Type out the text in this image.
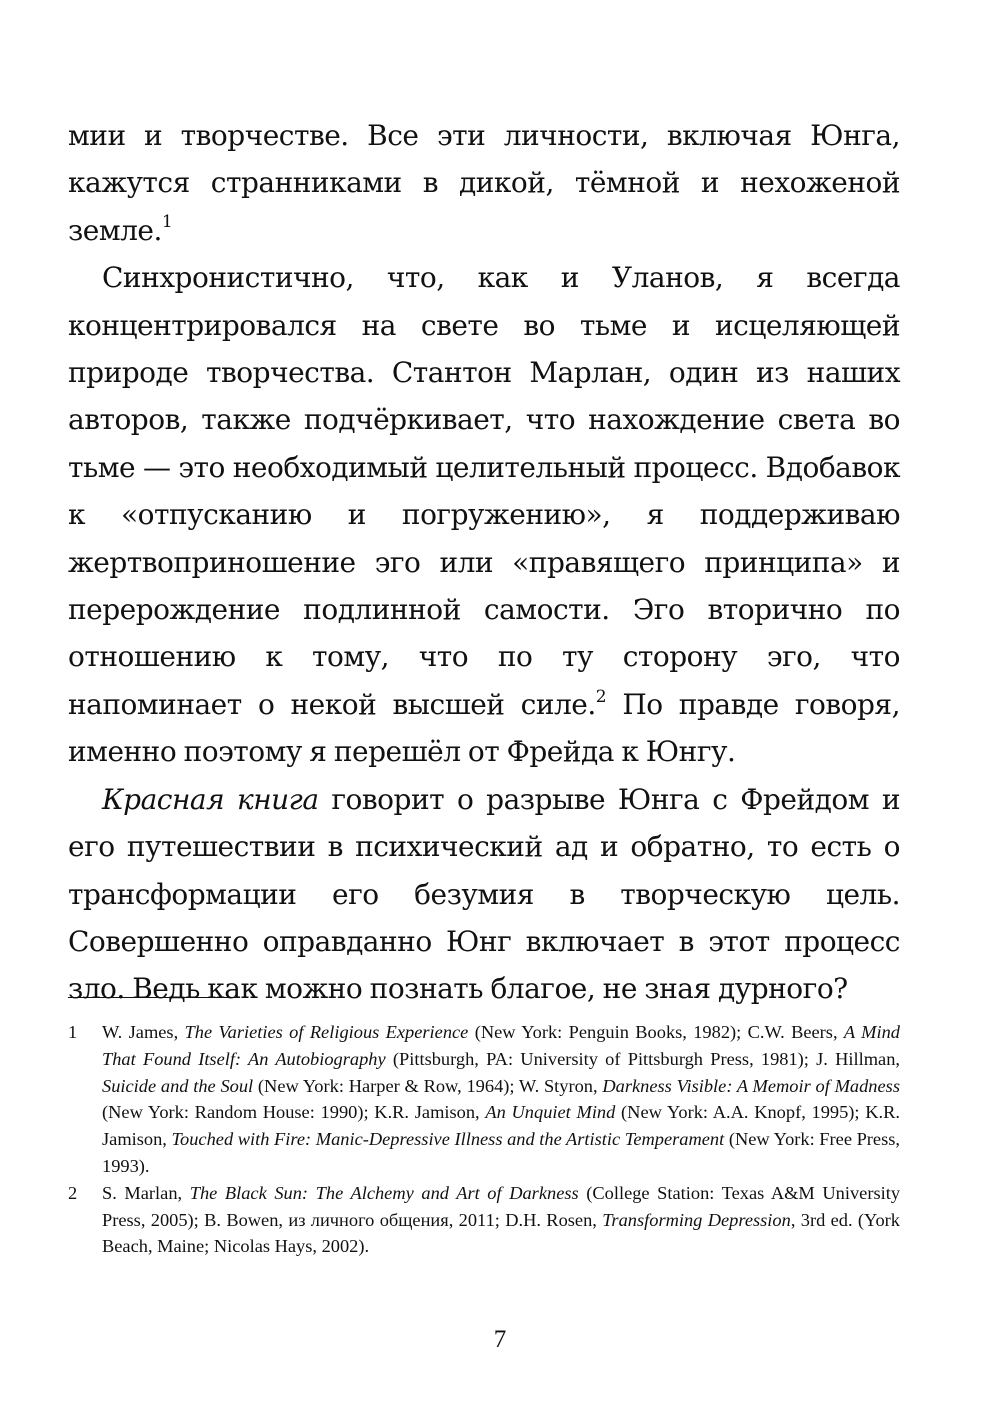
мии и творчестве. Все эти личности, включая Юнга, кажутся странниками в дикой, тёмной и нехоженой земле.$^1$

Синхронистично, что, как и Уланов, я всегда концентрировался на свете во тьме и исцеляющей природе творчества. Стантон Марлан, один из наших авторов, также подчёркивает, что нахождение света во тьме — это необходимый целительный процесс. Вдобавок к «отпусканию и погружению», я поддерживаю жертвоприношение эго или «правящего принципа» и перерождение подлинной самости. Эго вторично по отношению к тому, что по ту сторону эго, что напоминает о некой высшей силе.$^2$ По правде говоря, именно поэтому я перешёл от Фрейда к Юнгу.

Красная книга говорит о разрыве Юнга с Фрейдом и его путешествии в психический ад и обратно, то есть о трансформации его безумия в творческую цель. Совершенно оправданно Юнг включает в этот процесс зло. Ведь как можно познать благое, не зная дурного?

1	W. James, The Varieties of Religious Experience (New York: Penguin Books, 1982); C.W. Beers, A Mind That Found Itself: An Autobiography (Pittsburgh, PA: University of Pittsburgh Press, 1981); J. Hillman, Suicide and the Soul (New York: Harper & Row, 1964); W. Styron, Darkness Visible: A Memoir of Madness (New York: Random House: 1990); K.R. Jamison, An Unquiet Mind (New York: A.A. Knopf, 1995); K.R. Jamison, Touched with Fire: Manic-Depressive Illness and the Artistic Temperament (New York: Free Press, 1993).
2	S. Marlan, The Black Sun: The Alchemy and Art of Darkness (College Station: Texas A&M University Press, 2005); B. Bowen, из личного общения, 2011; D.H. Rosen, Transforming Depression, 3rd ed. (York Beach, Maine; Nicolas Hays, 2002).
7
